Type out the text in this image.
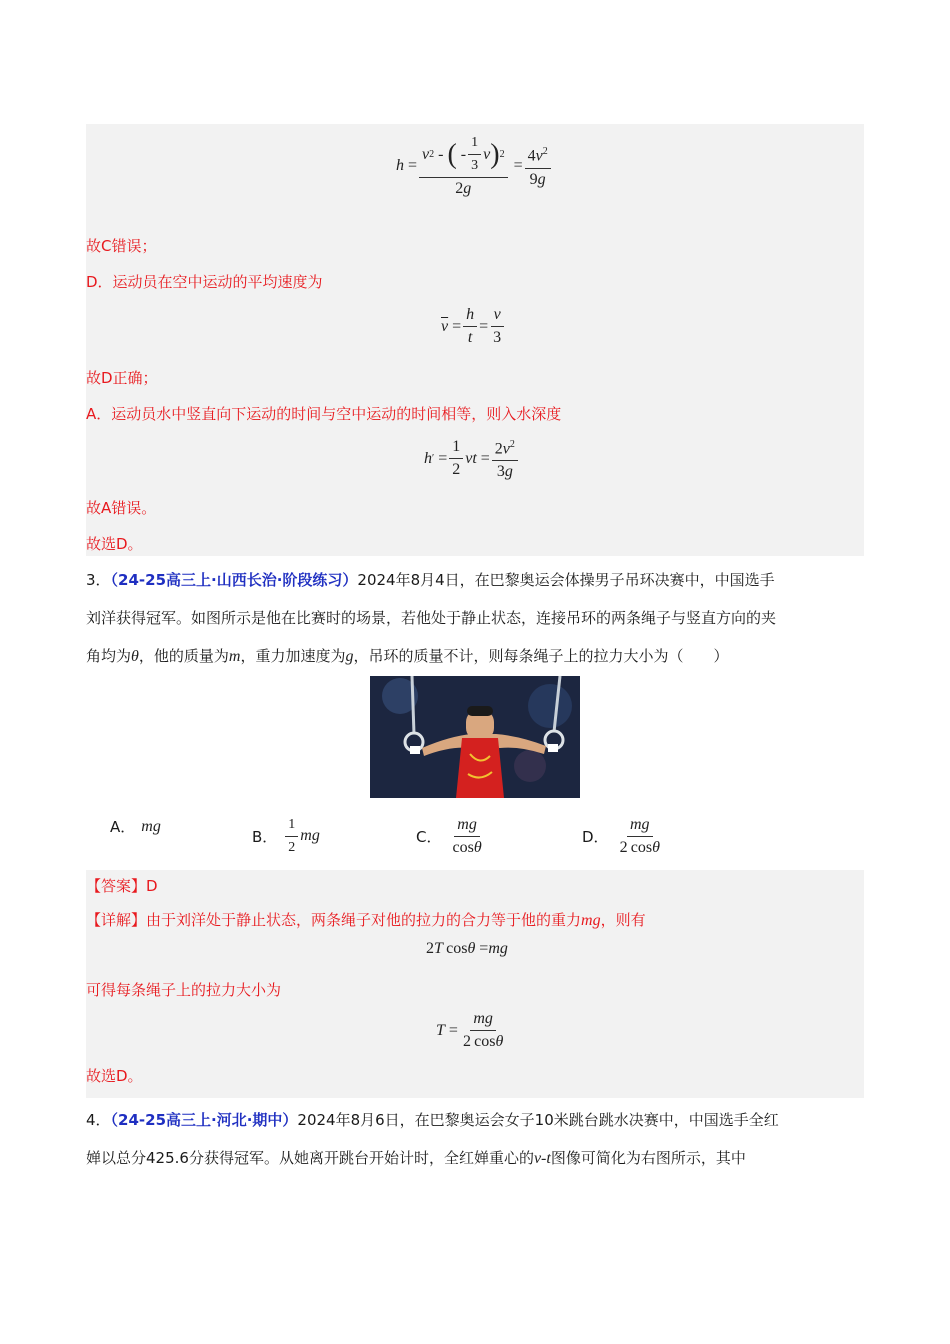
$h = \frac{v 2 - ( - \frac{1}{3} v ) 2}{2g} = \frac{4v^2}{9g}$
故C错误；
D．运动员在空中运动的平均速度为
$\overline{v} = \frac{h}{t} = \frac{v}{3}$
故D正确；
A．运动员水中竖直向下运动的时间与空中运动的时间相等，则入水深度
h ′ = $\frac{1}{2}$ vt = $\frac{2v^2}{3g}$
故A错误。
故选D。
3．（24-25高三上·山西长治·阶段练习）2024年8月4日，在巴黎奥运会体操男子吊环决赛中，中国选手
刘洋获得冠军。如图所示是他在比赛时的场景，若他处于静止状态，连接吊环的两条绳子与竖直方向的夹
角均为θ，他的质量为m，重力加速度为g，吊环的质量不计，则每条绳子上的拉力大小为（　　）
A． mg
B． $\frac{1}{2}$ mg	C． $\frac{mg}{\cos\theta}$	D． $\frac{mg}{2 \cos\theta}$
【答案】D
【详解】由于刘洋处于静止状态，两条绳子对他的拉力的合力等于他的重力mg，则有
2 T  cos θ = mg
可得每条绳子上的拉力大小为
$T = \frac{mg}{2 \cos\theta}$
故选D。
4．（24-25高三上·河北·期中）2024年8月6日，在巴黎奥运会女子10米跳台跳水决赛中，中国选手全红
婵以总分425.6分获得冠军。从她离开跳台开始计时，全红婵重心的v-t图像可简化为右图所示，其中
